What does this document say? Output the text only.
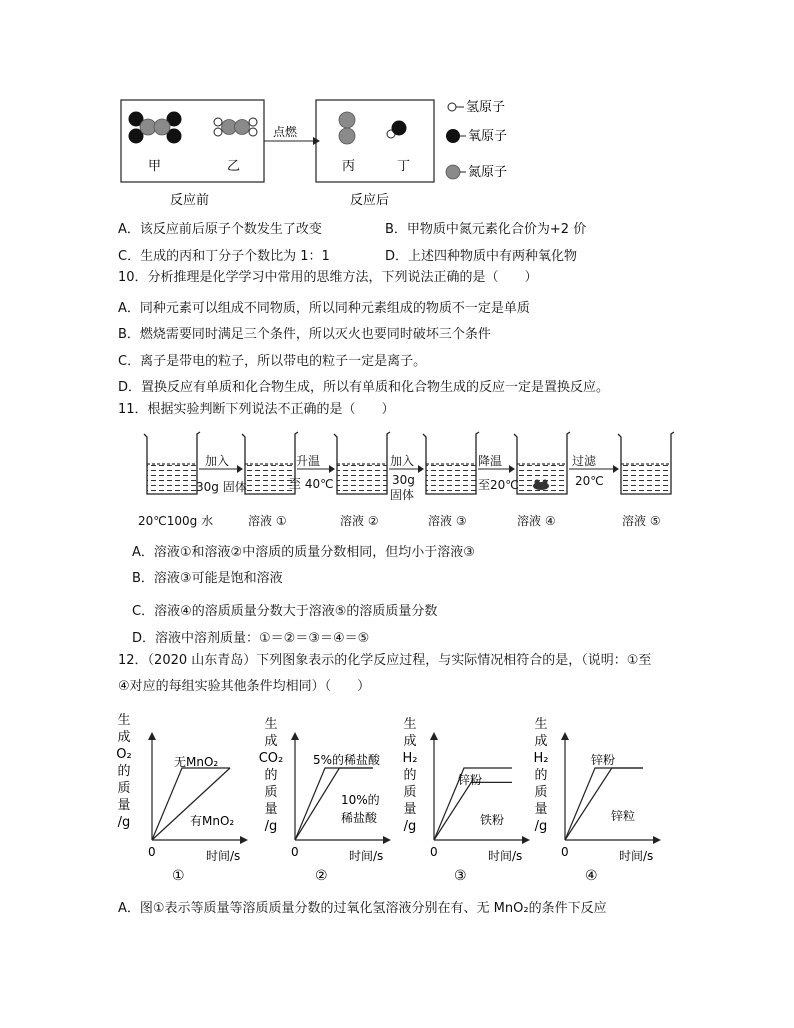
甲	乙
点燃
丙	丁
反应前	反应后
氢原子
氧原子
氮原子
A．该反应前后原子个数发生了改变	B．甲物质中氮元素化合价为+2 价
C．生成的丙和丁分子个数比为 1：1	D．上述四种物质中有两种氧化物
10．分析推理是化学学习中常用的思维方法，下列说法正确的是（　　）
A．同种元素可以组成不同物质，所以同种元素组成的物质不一定是单质
B．燃烧需要同时满足三个条件，所以灭火也要同时破坏三个条件
C．离子是带电的粒子，所以带电的粒子一定是离子。
D．置换反应有单质和化合物生成，所以有单质和化合物生成的反应一定是置换反应。
11．根据实验判断下列说法不正确的是（　　）
20℃100g 水	溶液 ①	溶液 ②	溶液 ③	溶液 ④	溶液 ⑤
加入
30g 固体
升温
至 40℃
加入
30g
固体
降温
至20℃
过滤
20℃
A．溶液①和溶液②中溶质的质量分数相同，但均小于溶液③
B．溶液③可能是饱和溶液
C．溶液④的溶质质量分数大于溶液⑤的溶质质量分数
D．溶液中溶剂质量：①＝②＝③＝④＝⑤
12．（2020 山东青岛）下列图象表示的化学反应过程，与实际情况相符合的是，（说明：①至
④对应的每组实验其他条件均相同）（　　）
生
成
O₂
的
质
量
/g
0	时间/s
①
无MnO₂
有MnO₂
生
成
CO₂
的
质
量
/g
0	时间/s
②
5%的稀盐酸
10%的
稀盐酸
生
成
H₂
的
质
量
/g
0	时间/s
③
锌粉
铁粉
生
成
H₂
的
质
量
/g
0	时间/s
④
锌粉
锌粒
A．图①表示等质量等溶质质量分数的过氧化氢溶液分别在有、无 MnO₂的条件下反应
